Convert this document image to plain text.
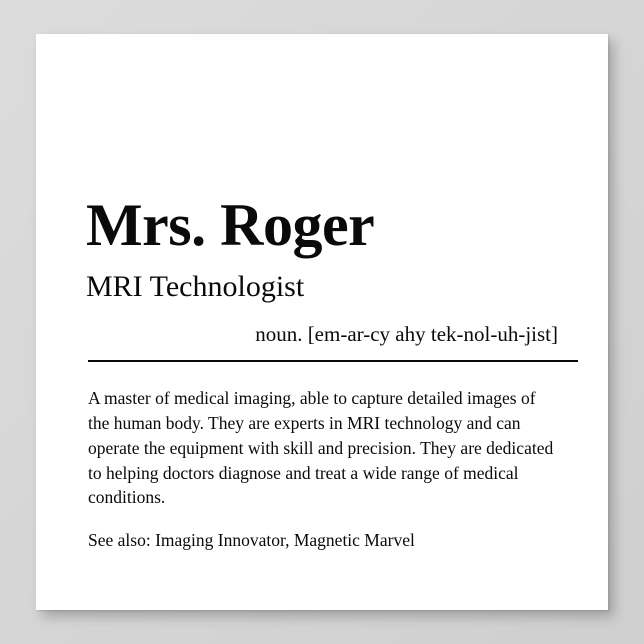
Mrs. Roger
MRI Technologist
noun. [em-ar-cy ahy tek-nol-uh-jist]
A master of medical imaging, able to capture detailed images of the human body. They are experts in MRI technology and can operate the equipment with skill and precision. They are dedicated to helping doctors diagnose and treat a wide range of medical conditions.
See also: Imaging Innovator, Magnetic Marvel
